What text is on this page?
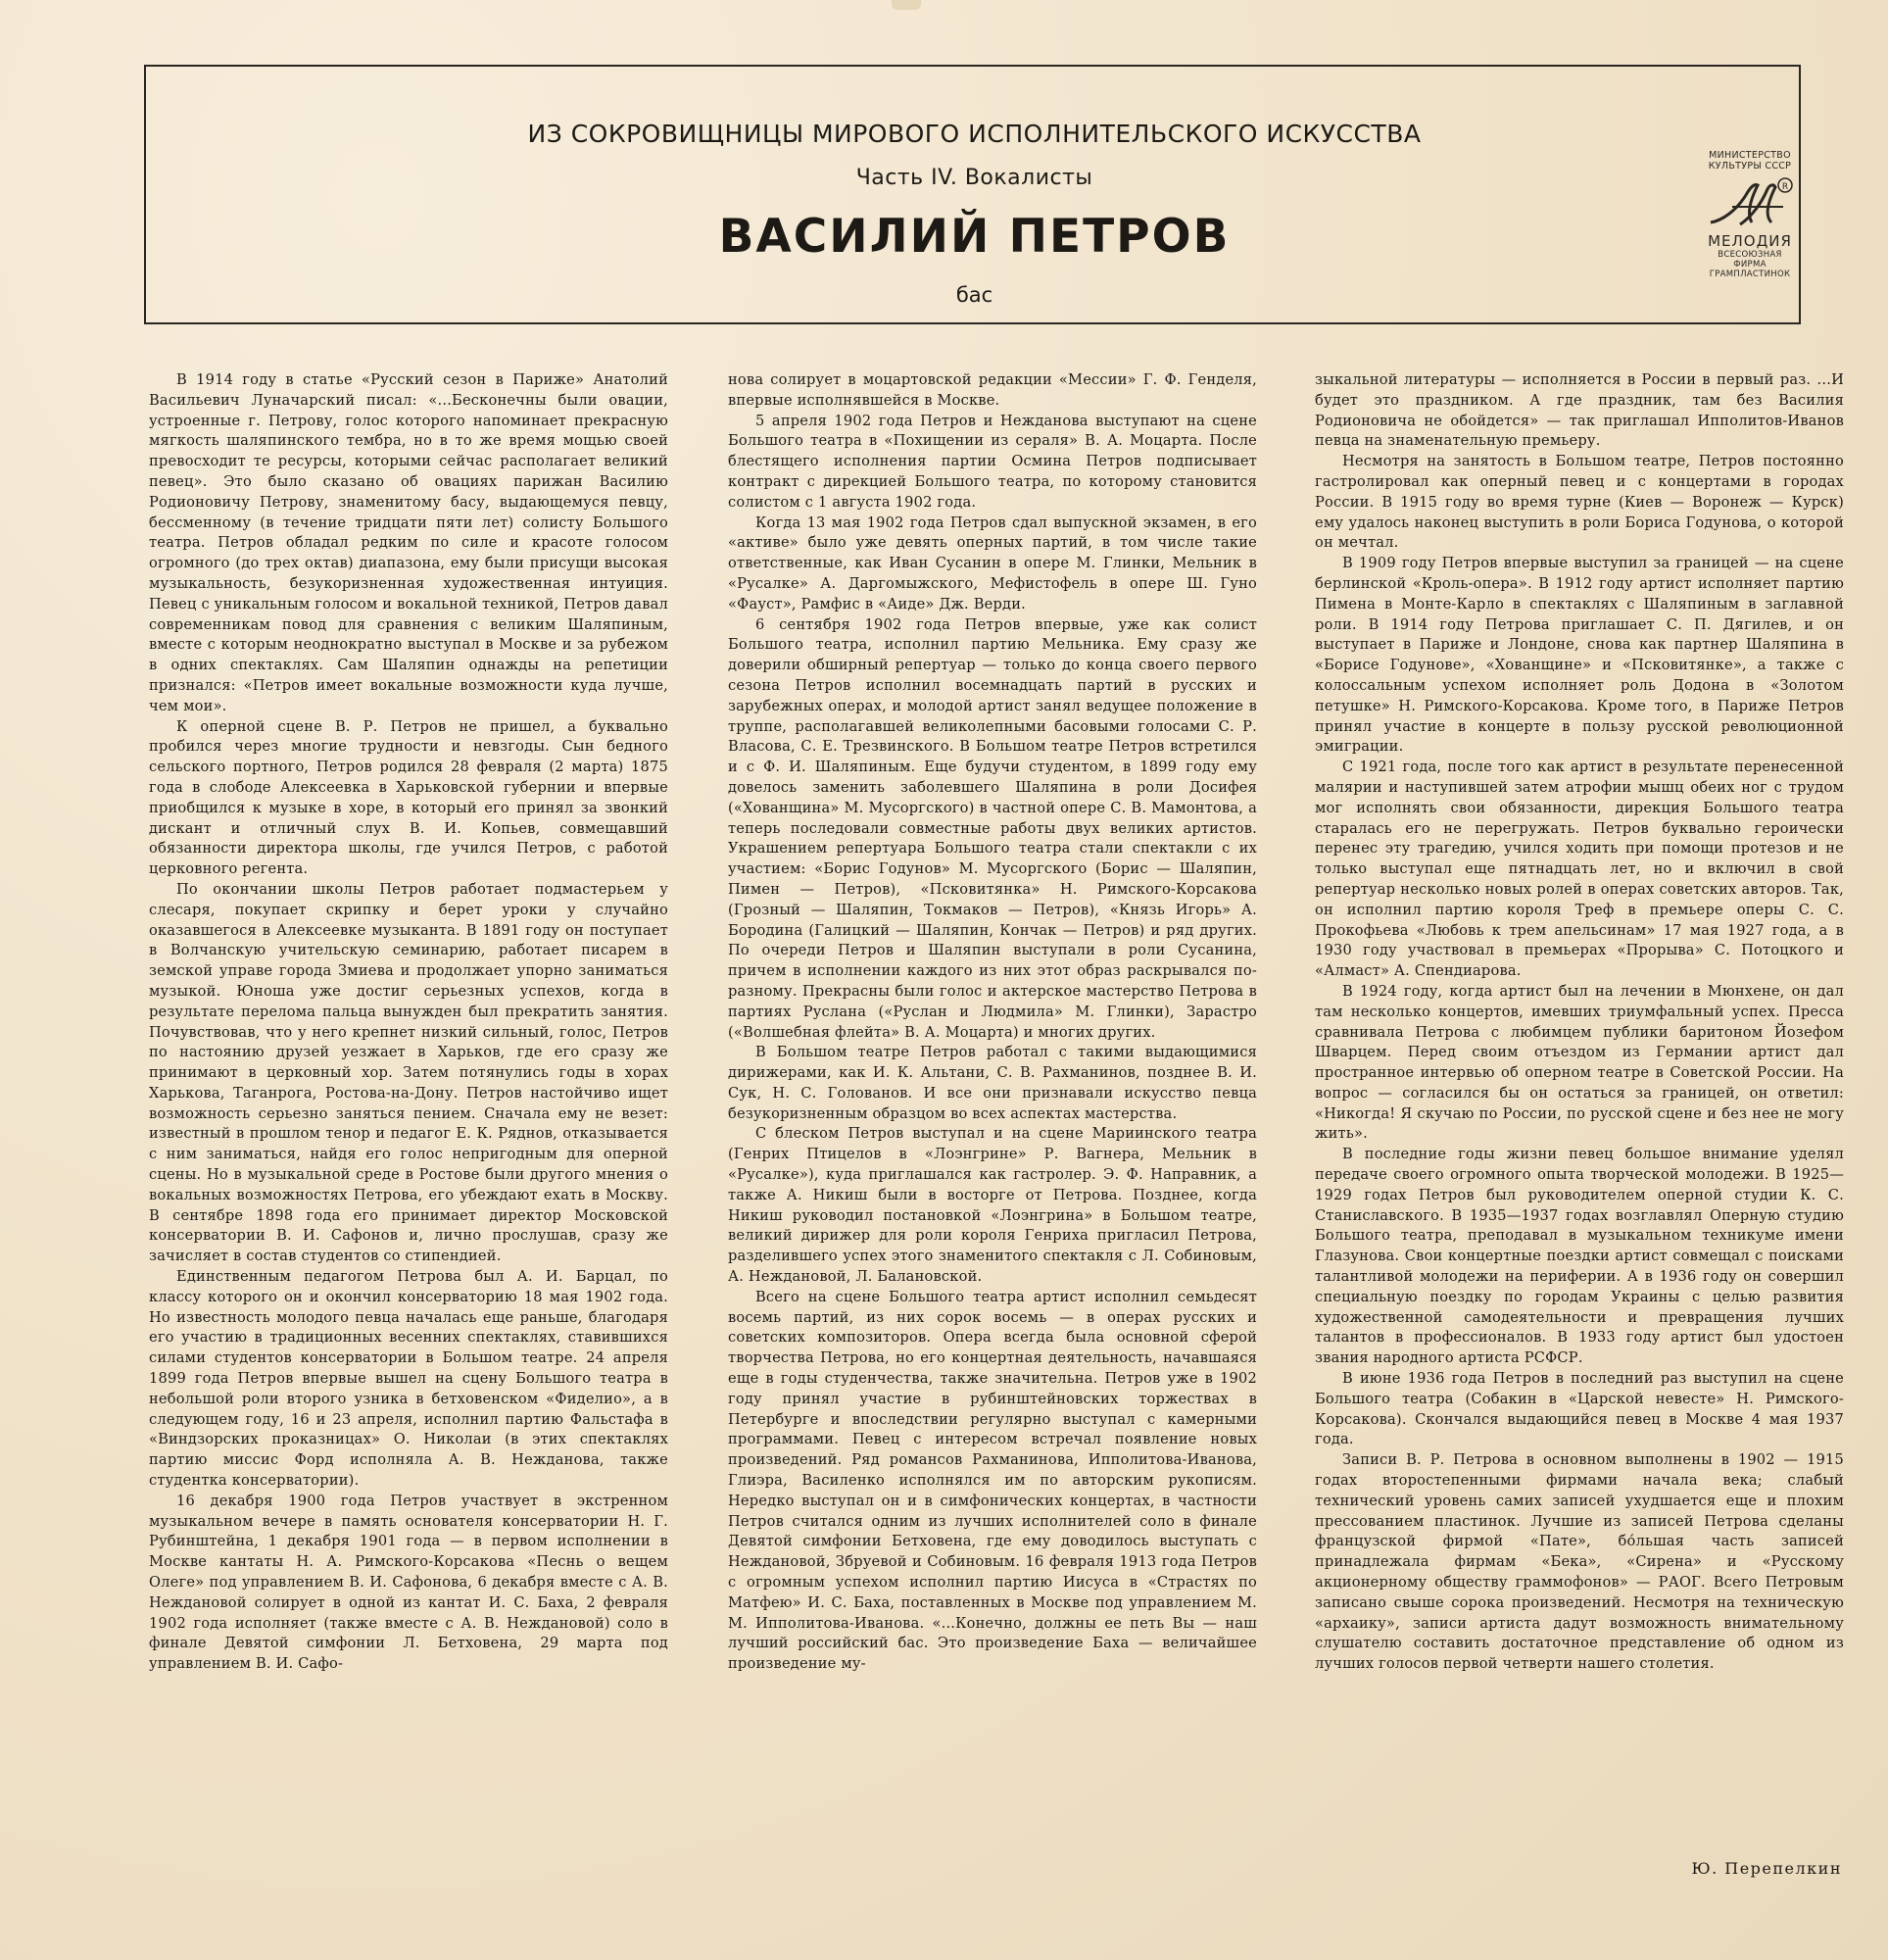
ИЗ СОКРОВИЩНИЦЫ МИРОВОГО ИСПОЛНИТЕЛЬСКОГО ИСКУССТВА
Часть IV. Вокалисты
ВАСИЛИЙ ПЕТРОВ
бас
МИНИСТЕРСТВО
КУЛЬТУРЫ СССР
R
МЕЛОДИЯ
ВСЕСОЮЗНАЯ
ФИРМА
ГРАМПЛАСТИНОК

В 1914 году в статье «Русский сезон в Париже» Анатолий Васильевич Луначарский писал: «...Бесконечны были овации, устроенные г. Петрову, голос которого напоминает прекрасную мягкость шаляпинского тембра, но в то же время мощью своей превосходит те ресурсы, которыми сейчас располагает великий певец». Это было сказано об овациях парижан Василию Родионовичу Петрову, знаменитому басу, выдающемуся певцу, бессменному (в течение тридцати пяти лет) солисту Большого театра. Петров обладал редким по силе и красоте голосом огромного (до трех октав) диапазона, ему были присущи высокая музыкальность, безукоризненная художественная интуиция. Певец с уникальным голосом и вокальной техникой, Петров давал современникам повод для сравнения с великим Шаляпиным, вместе с которым неоднократно выступал в Москве и за рубежом в одних спектаклях. Сам Шаляпин однажды на репетиции признался: «Петров имеет вокальные возможности куда лучше, чем мои».

К оперной сцене В. Р. Петров не пришел, а буквально пробился через многие трудности и невзгоды. Сын бедного сельского портного, Петров родился 28 февраля (2 марта) 1875 года в слободе Алексеевка в Харьковской губернии и впервые приобщился к музыке в хоре, в который его принял за звонкий дискант и отличный слух В. И. Копьев, совмещавший обязанности директора школы, где учился Петров, с работой церковного регента.

По окончании школы Петров работает подмастерьем у слесаря, покупает скрипку и берет уроки у случайно оказавшегося в Алексеевке музыканта. В 1891 году он поступает в Волчанскую учительскую семинарию, работает писарем в земской управе города Змиева и продолжает упорно заниматься музыкой. Юноша уже достиг серьезных успехов, когда в результате перелома пальца вынужден был прекратить занятия. Почувствовав, что у него крепнет низкий сильный, голос, Петров по настоянию друзей уезжает в Харьков, где его сразу же принимают в церковный хор. Затем потянулись годы в хорах Харькова, Таганрога, Ростова-на-Дону. Петров настойчиво ищет возможность серьезно заняться пением. Сначала ему не везет: известный в прошлом тенор и педагог Е. К. Ряднов, отказывается с ним заниматься, найдя его голос непригодным для оперной сцены. Но в музыкальной среде в Ростове были другого мнения о вокальных возможностях Петрова, его убеждают ехать в Москву. В сентябре 1898 года его принимает директор Московской консерватории В. И. Сафонов и, лично прослушав, сразу же зачисляет в состав студентов со стипендией.

Единственным педагогом Петрова был А. И. Барцал, по классу которого он и окончил консерваторию 18 мая 1902 года. Но известность молодого певца началась еще раньше, благодаря его участию в традиционных весенних спектаклях, ставившихся силами студентов консерватории в Большом театре. 24 апреля 1899 года Петров впервые вышел на сцену Большого театра в небольшой роли второго узника в бетховенском «Фиделио», а в следующем году, 16 и 23 апреля, исполнил партию Фальстафа в «Виндзорских проказницах» О. Николаи (в этих спектаклях партию миссис Форд исполняла А. В. Нежданова, также студентка консерватории).

16 декабря 1900 года Петров участвует в экстренном музыкальном вечере в память основателя консерватории Н. Г. Рубинштейна, 1 декабря 1901 года — в первом исполнении в Москве кантаты Н. А. Римского-Корсакова «Песнь о вещем Олеге» под управлением В. И. Сафонова, 6 декабря вместе с А. В. Неждановой солирует в одной из кантат И. С. Баха, 2 февраля 1902 года исполняет (также вместе с А. В. Неждановой) соло в финале Девятой симфонии Л. Бетховена, 29 марта под управлением В. И. Сафо-

нова солирует в моцартовской редакции «Мессии» Г. Ф. Генделя, впервые исполнявшейся в Москве.

5 апреля 1902 года Петров и Нежданова выступают на сцене Большого театра в «Похищении из сераля» В. А. Моцарта. После блестящего исполнения партии Осмина Петров подписывает контракт с дирекцией Большого театра, по которому становится солистом с 1 августа 1902 года.

Когда 13 мая 1902 года Петров сдал выпускной экзамен, в его «активе» было уже девять оперных партий, в том числе такие ответственные, как Иван Сусанин в опере М. Глинки, Мельник в «Русалке» А. Даргомыжского, Мефистофель в опере Ш. Гуно «Фауст», Рамфис в «Аиде» Дж. Верди.

6 сентября 1902 года Петров впервые, уже как солист Большого театра, исполнил партию Мельника. Ему сразу же доверили обширный репертуар — только до конца своего первого сезона Петров исполнил восемнадцать партий в русских и зарубежных операх, и молодой артист занял ведущее положение в труппе, располагавшей великолепными басовыми голосами С. Р. Власова, С. Е. Трезвинского. В Большом театре Петров встретился и с Ф. И. Шаляпиным. Еще будучи студентом, в 1899 году ему довелось заменить заболевшего Шаляпина в роли Досифея («Хованщина» М. Мусоргского) в частной опере С. В. Мамонтова, а теперь последовали совместные работы двух великих артистов. Украшением репертуара Большого театра стали спектакли с их участием: «Борис Годунов» М. Мусоргского (Борис — Шаляпин, Пимен — Петров), «Псковитянка» Н. Римского-Корсакова (Грозный — Шаляпин, Токмаков — Петров), «Князь Игорь» А. Бородина (Галицкий — Шаляпин, Кончак — Петров) и ряд других. По очереди Петров и Шаляпин выступали в роли Сусанина, причем в исполнении каждого из них этот образ раскрывался по-разному. Прекрасны были голос и актерское мастерство Петрова в партиях Руслана («Руслан и Людмила» М. Глинки), Зарастро («Волшебная флейта» В. А. Моцарта) и многих других.

В Большом театре Петров работал с такими выдающимися дирижерами, как И. К. Альтани, С. В. Рахманинов, позднее В. И. Сук, Н. С. Голованов. И все они признавали искусство певца безукоризненным образцом во всех аспектах мастерства.

С блеском Петров выступал и на сцене Мариинского театра (Генрих Птицелов в «Лоэнгрине» Р. Вагнера, Мельник в «Русалке»), куда приглашался как гастролер. Э. Ф. Направник, а также А. Никиш были в восторге от Петрова. Позднее, когда Никиш руководил постановкой «Лоэнгрина» в Большом театре, великий дирижер для роли короля Генриха пригласил Петрова, разделившего успех этого знаменитого спектакля с Л. Собиновым, А. Неждановой, Л. Балановской.

Всего на сцене Большого театра артист исполнил семьдесят восемь партий, из них сорок восемь — в операх русских и советских композиторов. Опера всегда была основной сферой творчества Петрова, но его концертная деятельность, начавшаяся еще в годы студенчества, также значительна. Петров уже в 1902 году принял участие в рубинштейновских торжествах в Петербурге и впоследствии регулярно выступал с камерными программами. Певец с интересом встречал появление новых произведений. Ряд романсов Рахманинова, Ипполитова-Иванова, Глиэра, Василенко исполнялся им по авторским рукописям. Нередко выступал он и в симфонических концертах, в частности Петров считался одним из лучших исполнителей соло в финале Девятой симфонии Бетховена, где ему доводилось выступать с Неждановой, Збруевой и Собиновым. 16 февраля 1913 года Петров с огромным успехом исполнил партию Иисуса в «Страстях по Матфею» И. С. Баха, поставленных в Москве под управлением М. М. Ипполитова-Иванова. «...Конечно, должны ее петь Вы — наш лучший российский бас. Это произведение Баха — величайшее произведение му-

зыкальной литературы — исполняется в России в первый раз. ...И будет это праздником. А где праздник, там без Василия Родионовича не обойдется» — так приглашал Ипполитов-Иванов певца на знаменательную премьеру.

Несмотря на занятость в Большом театре, Петров постоянно гастролировал как оперный певец и с концертами в городах России. В 1915 году во время турне (Киев — Воронеж — Курск) ему удалось наконец выступить в роли Бориса Годунова, о которой он мечтал.

В 1909 году Петров впервые выступил за границей — на сцене берлинской «Кроль-опера». В 1912 году артист исполняет партию Пимена в Монте-Карло в спектаклях с Шаляпиным в заглавной роли. В 1914 году Петрова приглашает С. П. Дягилев, и он выступает в Париже и Лондоне, снова как партнер Шаляпина в «Борисе Годунове», «Хованщине» и «Псковитянке», а также с колоссальным успехом исполняет роль Додона в «Золотом петушке» Н. Римского-Корсакова. Кроме того, в Париже Петров принял участие в концерте в пользу русской революционной эмиграции.

С 1921 года, после того как артист в результате перенесенной малярии и наступившей затем атрофии мышц обеих ног с трудом мог исполнять свои обязанности, дирекция Большого театра старалась его не перегружать. Петров буквально героически перенес эту трагедию, учился ходить при помощи протезов и не только выступал еще пятнадцать лет, но и включил в свой репертуар несколько новых ролей в операх советских авторов. Так, он исполнил партию короля Треф в премьере оперы С. С. Прокофьева «Любовь к трем апельсинам» 17 мая 1927 года, а в 1930 году участвовал в премьерах «Прорыва» С. Потоцкого и «Алмаст» А. Спендиарова.

В 1924 году, когда артист был на лечении в Мюнхене, он дал там несколько концертов, имевших триумфальный успех. Пресса сравнивала Петрова с любимцем публики баритоном Йозефом Шварцем. Перед своим отъездом из Германии артист дал пространное интервью об оперном театре в Советской России. На вопрос — согласился бы он остаться за границей, он ответил: «Никогда! Я скучаю по России, по русской сцене и без нее не могу жить».

В последние годы жизни певец большое внимание уделял передаче своего огромного опыта творческой молодежи. В 1925—1929 годах Петров был руководителем оперной студии К. С. Станиславского. В 1935—1937 годах возглавлял Оперную студию Большого театра, преподавал в музыкальном техникуме имени Глазунова. Свои концертные поездки артист совмещал с поисками талантливой молодежи на периферии. А в 1936 году он совершил специальную поездку по городам Украины с целью развития художественной самодеятельности и превращения лучших талантов в профессионалов. В 1933 году артист был удостоен звания народного артиста РСФСР.

В июне 1936 года Петров в последний раз выступил на сцене Большого театра (Собакин в «Царской невесте» Н. Римского-Корсакова). Скончался выдающийся певец в Москве 4 мая 1937 года.

Записи В. Р. Петрова в основном выполнены в 1902 — 1915 годах второстепенными фирмами начала века; слабый технический уровень самих записей ухудшается еще и плохим прессованием пластинок. Лучшие из записей Петрова сделаны французской фирмой «Пате», бо́льшая часть записей принадлежала фирмам «Бека», «Сирена» и «Русскому акционерному обществу граммофонов» — РАОГ. Всего Петровым записано свыше сорока произведений. Несмотря на техническую «архаику», записи артиста дадут возможность внимательному слушателю составить достаточное представление об одном из лучших голосов первой четверти нашего столетия.

Ю. Перепелкин
